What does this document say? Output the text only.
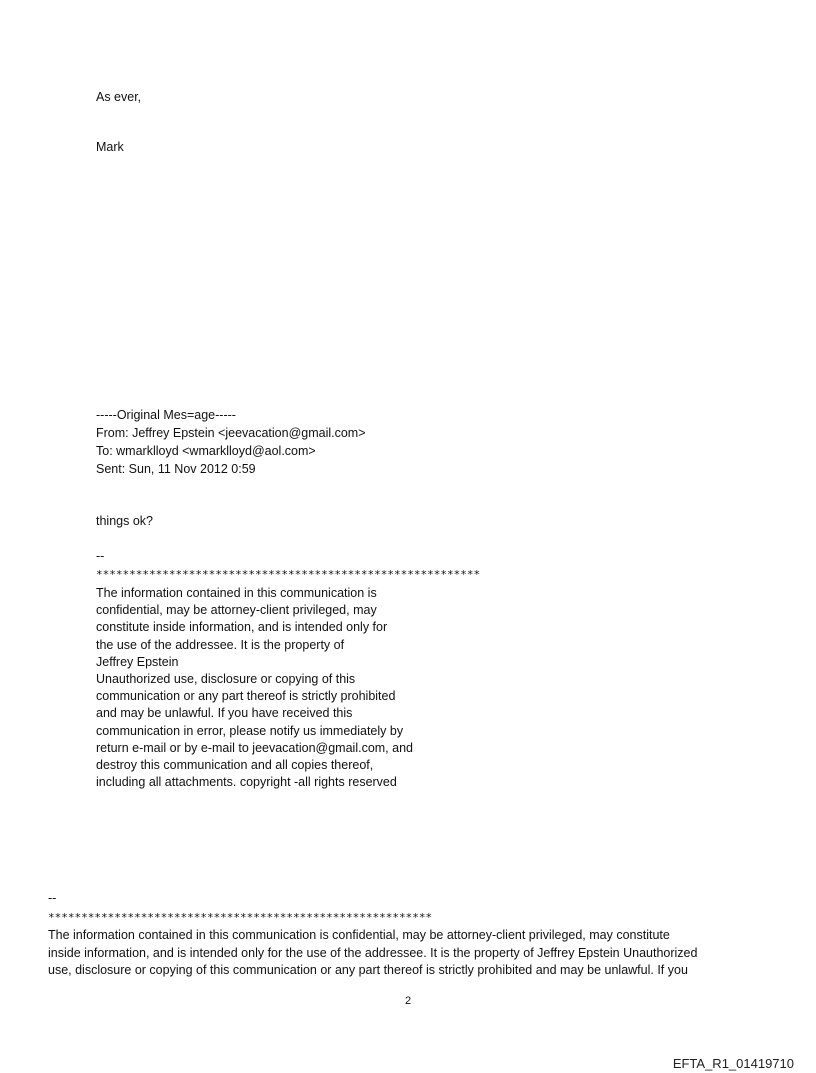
As ever,
Mark
-----Original Mes=age-----
From: Jeffrey Epstein <jeevacation@gmail.com>
To: wmarklloyd <wmarklloyd@aol.com>
Sent: Sun, 11 Nov 2012 0:59
things ok?
--
**********************************************************
The information contained in this communication is
confidential, may be attorney-client privileged, may
constitute inside information, and is intended only for
the use of the addressee. It is the property of
Jeffrey Epstein
Unauthorized use, disclosure or copying of this
communication or any part thereof is strictly prohibited
and may be unlawful. If you have received this
communication in error, please notify us immediately by
return e-mail or by e-mail to jeevacation@gmail.com, and
destroy this communication and all copies thereof,
including all attachments. copyright -all rights reserved
--
**********************************************************
The information contained in this communication is confidential, may be attorney-client privileged, may constitute
inside information, and is intended only for the use of the addressee. It is the property of Jeffrey Epstein Unauthorized
use, disclosure or copying of this communication or any part thereof is strictly prohibited and may be unlawful. If you
2
EFTA_R1_01419710
